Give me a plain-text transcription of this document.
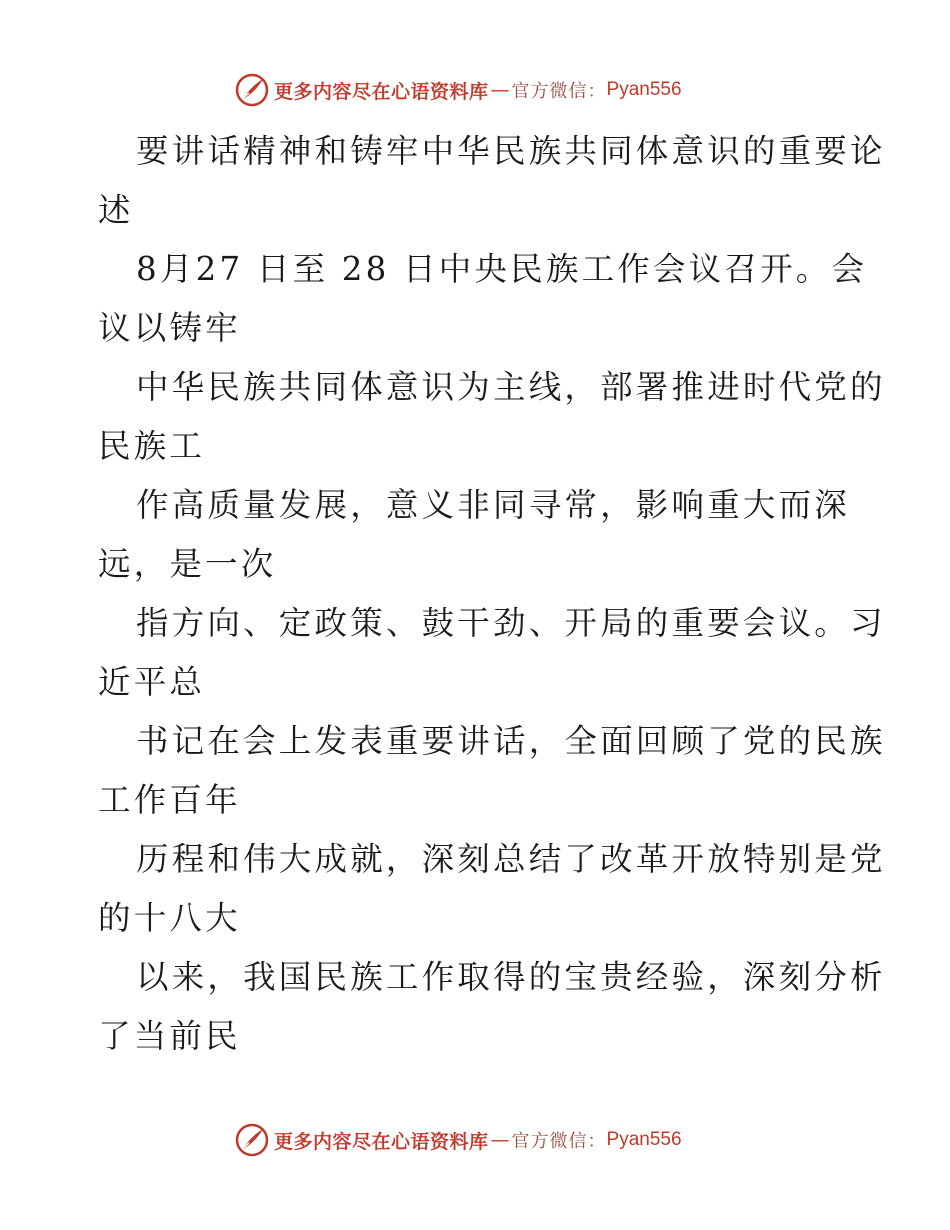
更多内容尽在心语资料库 — 官方微信： Pyan556
要讲话精神和铸牢中华民族共同体意识的重要论
述
8月27 日至 28 日中央民族工作会议召开。会
议以铸牢
中华民族共同体意识为主线，部署推进时代党的
民族工
作高质量发展，意义非同寻常，影响重大而深
远，是一次
指方向、定政策、鼓干劲、开局的重要会议。习
近平总
书记在会上发表重要讲话，全面回顾了党的民族
工作百年
历程和伟大成就，深刻总结了改革开放特别是党
的十八大
以来，我国民族工作取得的宝贵经验，深刻分析
了当前民
更多内容尽在心语资料库 — 官方微信： Pyan556
